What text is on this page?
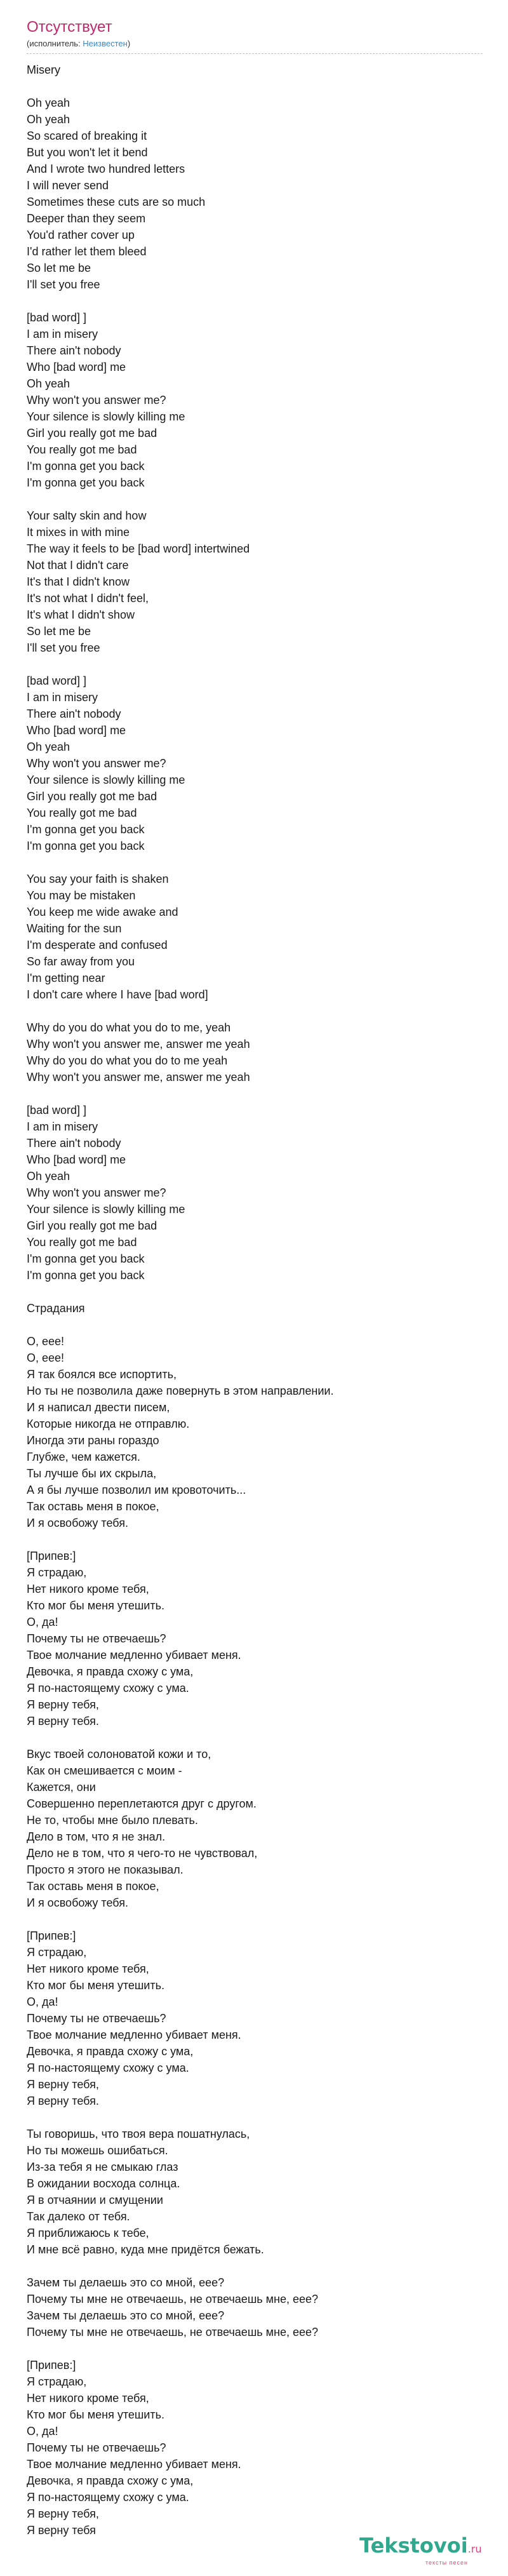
Отсутствует
(исполнитель: Неизвестен)
Misery
Oh yeah
Oh yeah
So scared of breaking it
But you won't let it bend
And I wrote two hundred letters
I will never send
Sometimes these cuts are so much
Deeper than they seem
You'd rather cover up
I'd rather let them bleed
So let me be
I'll set you free
[bad word] ]
I am in misery
There ain't nobody
Who [bad word] me
Oh yeah
Why won't you answer me?
Your silence is slowly killing me
Girl you really got me bad
You really got me bad
I'm gonna get you back
I'm gonna get you back
Your salty skin and how
It mixes in with mine
The way it feels to be [bad word] intertwined
Not that I didn't care
It's that I didn't know
It's not what I didn't feel,
It's what I didn't show
So let me be
I'll set you free
[bad word] ]
I am in misery
There ain't nobody
Who [bad word] me
Oh yeah
Why won't you answer me?
Your silence is slowly killing me
Girl you really got me bad
You really got me bad
I'm gonna get you back
I'm gonna get you back
You say your faith is shaken
You may be mistaken
You keep me wide awake and
Waiting for the sun
I'm desperate and confused
So far away from you
I'm getting near
I don't care where I have [bad word]
Why do you do what you do to me, yeah
Why won't you answer me, answer me yeah
Why do you do what you do to me yeah
Why won't you answer me, answer me yeah
[bad word] ]
I am in misery
There ain't nobody
Who [bad word] me
Oh yeah
Why won't you answer me?
Your silence is slowly killing me
Girl you really got me bad
You really got me bad
I'm gonna get you back
I'm gonna get you back
Страдания
О, еее!
О, еее!
Я так боялся все испортить,
Но ты не позволила даже повернуть в этом направлении.
И я написал двести писем,
Которые никогда не отправлю.
Иногда эти раны гораздо
Глубже, чем кажется.
Ты лучше бы их скрыла,
А я бы лучше позволил им кровоточить...
Так оставь меня в покое,
И я освобожу тебя.
[Припев:]
Я страдаю,
Нет никого кроме тебя,
Кто мог бы меня утешить.
О, да!
Почему ты не отвечаешь?
Твое молчание медленно убивает меня.
Девочка, я правда схожу с ума,
Я по-настоящему схожу с ума.
Я верну тебя,
Я верну тебя.
Вкус твоей солоноватой кожи и то,
Как он смешивается с моим -
Кажется, они
Совершенно переплетаются друг с другом.
Не то, чтобы мне было плевать.
Дело в том, что я не знал.
Дело не в том, что я чего-то не чувствовал,
Просто я этого не показывал.
Так оставь меня в покое,
И я освобожу тебя.
[Припев:]
Я страдаю,
Нет никого кроме тебя,
Кто мог бы меня утешить.
О, да!
Почему ты не отвечаешь?
Твое молчание медленно убивает меня.
Девочка, я правда схожу с ума,
Я по-настоящему схожу с ума.
Я верну тебя,
Я верну тебя.
Ты говоришь, что твоя вера пошатнулась,
Но ты можешь ошибаться.
Из-за тебя я не смыкаю глаз
В ожидании восхода солнца.
Я в отчаянии и смущении
Так далеко от тебя.
Я приближаюсь к тебе,
И мне всё равно, куда мне придётся бежать.
Зачем ты делаешь это со мной, еее?
Почему ты мне не отвечаешь, не отвечаешь мне, еее?
Зачем ты делаешь это со мной, еее?
Почему ты мне не отвечаешь, не отвечаешь мне, еее?
[Припев:]
Я страдаю,
Нет никого кроме тебя,
Кто мог бы меня утешить.
О, да!
Почему ты не отвечаешь?
Твое молчание медленно убивает меня.
Девочка, я правда схожу с ума,
Я по-настоящему схожу с ума.
Я верну тебя,
Я верну тебя
Tekstovoi.ru
тексты песен
